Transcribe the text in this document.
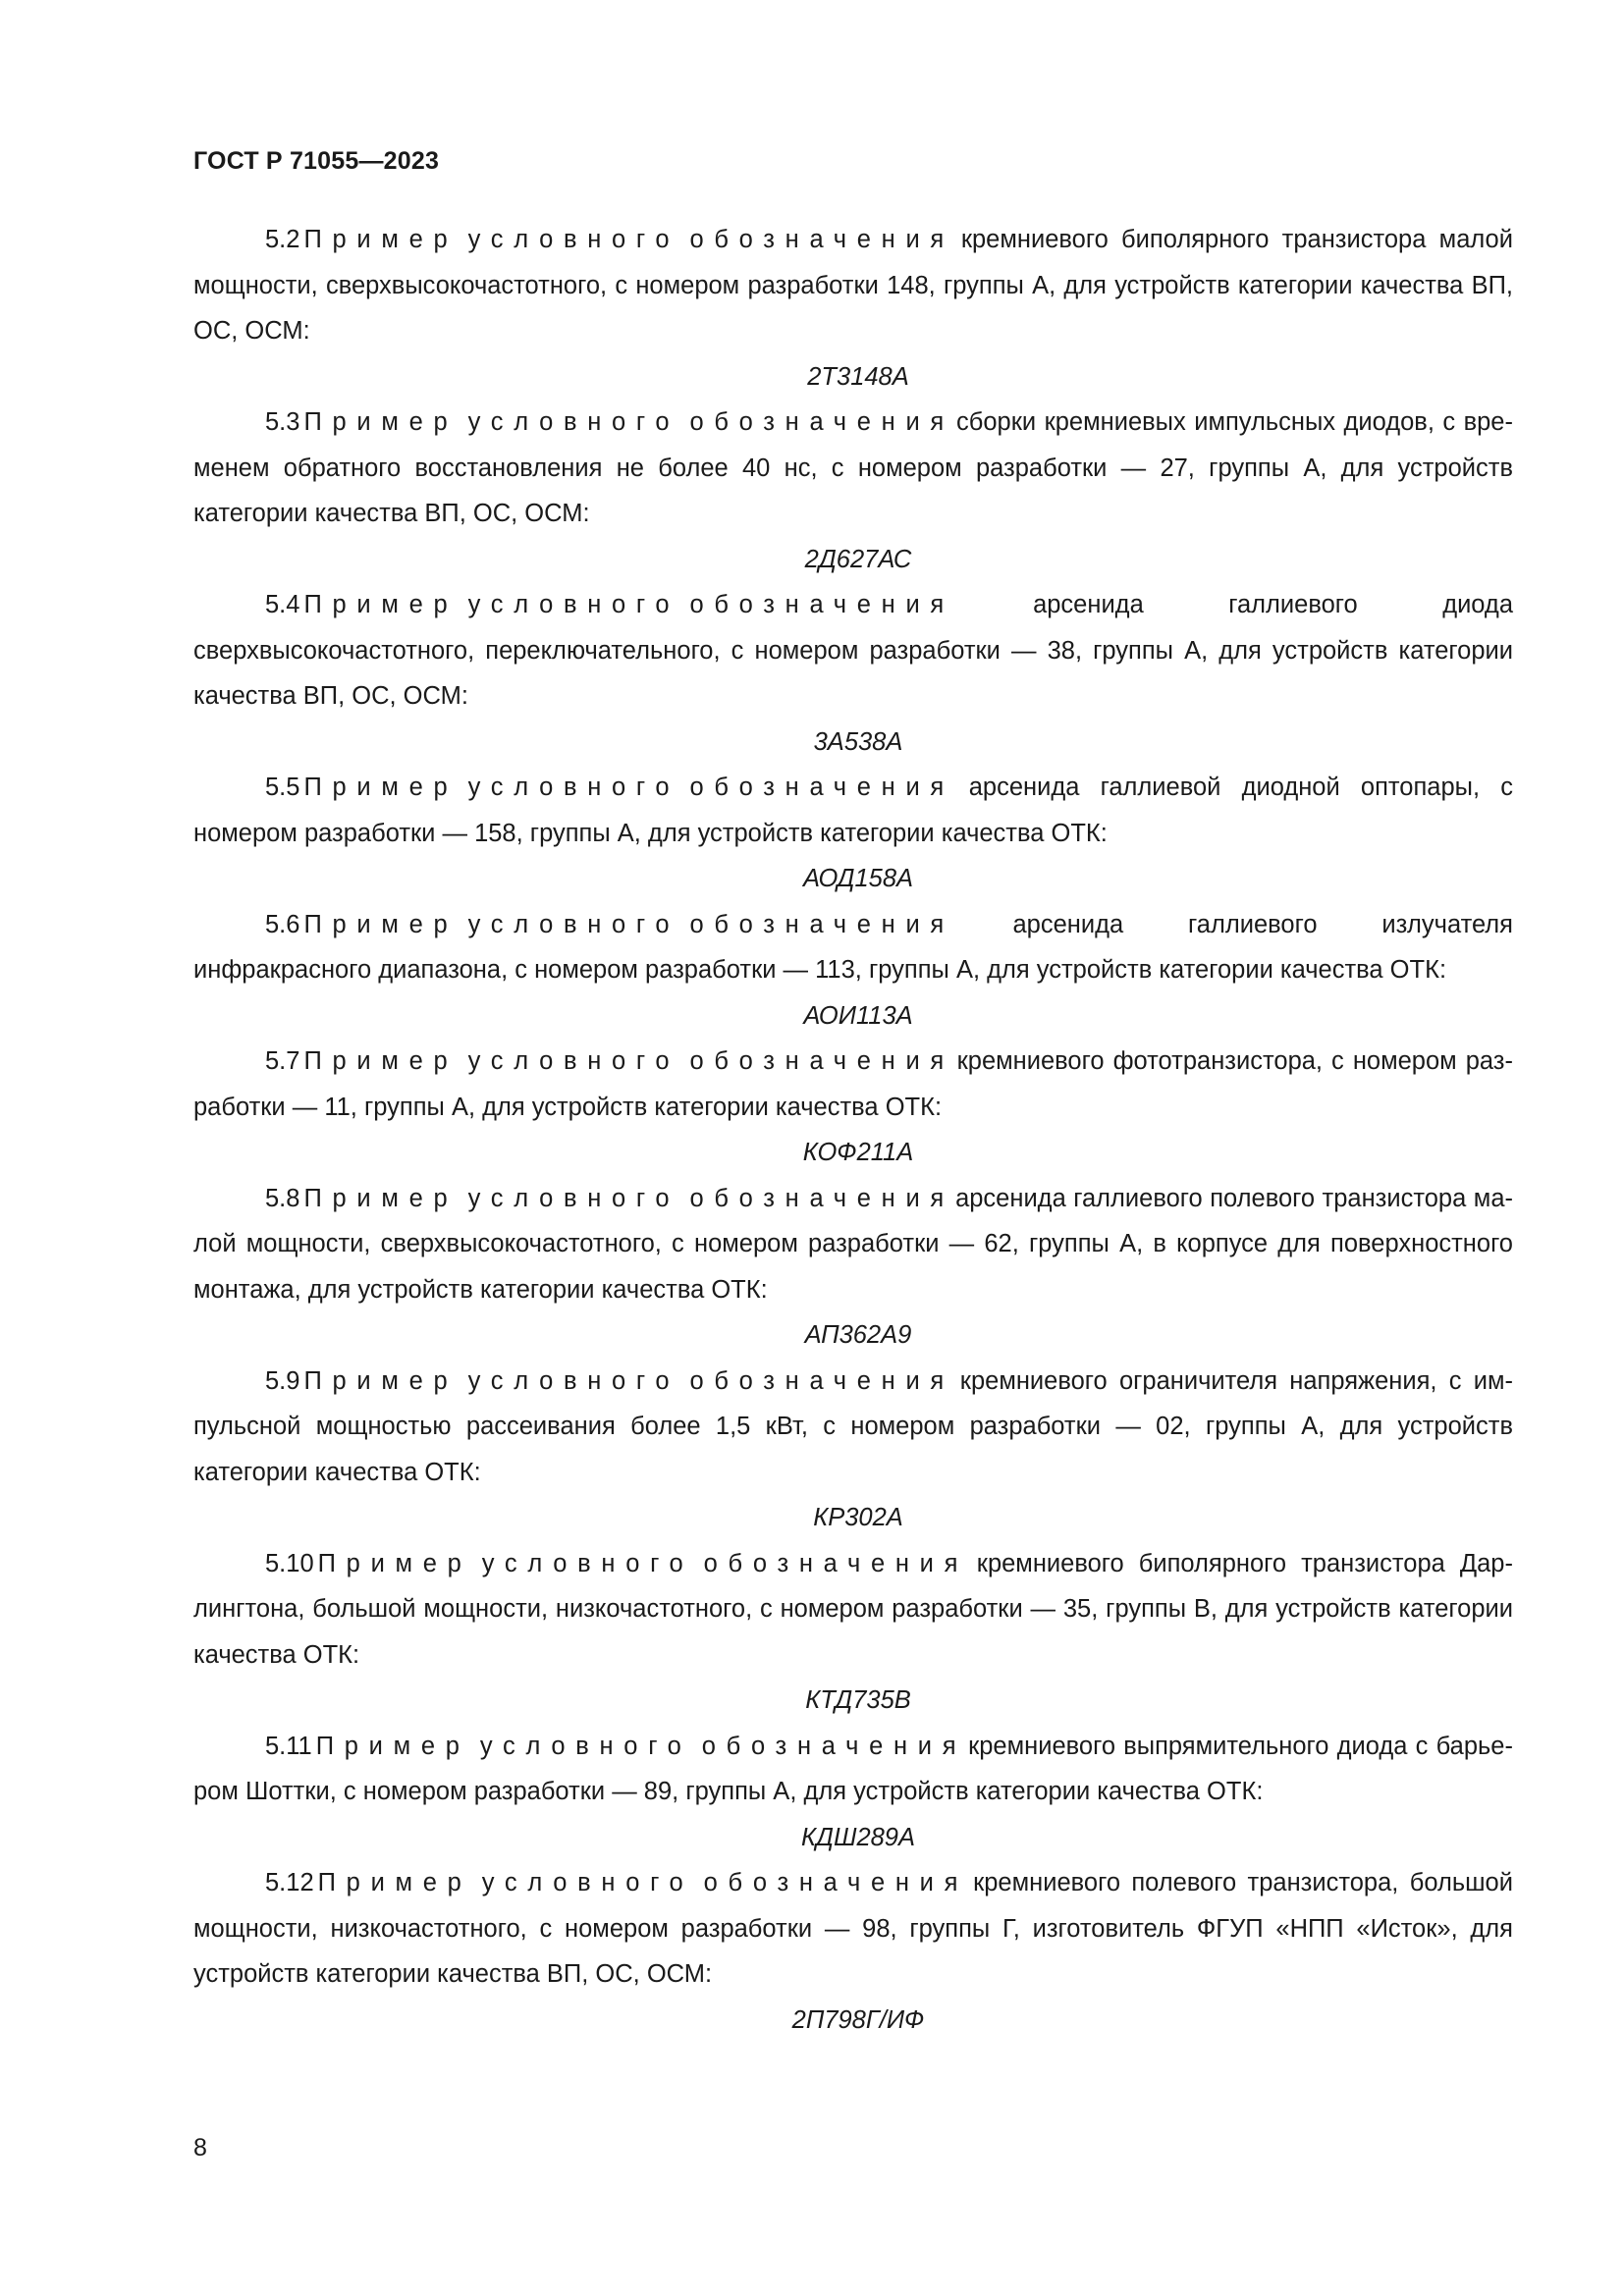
ГОСТ Р 71055—2023

5.2 Пример условного обозначения кремниевого биполярного транзистора малой мощности, сверхвысокочастотного, с номером разработки 148, группы А, для устройств категории качества ВП, ОС, ОСМ:

2Т3148А

5.3 Пример условного обозначения сборки кремниевых импульсных диодов, с временем обратного восстановления не более 40 нс, с номером разработки — 27, группы А, для устройств категории качества ВП, ОС, ОСМ:

2Д627АС

5.4 Пример условного обозначения	арсенида галлиевого диода сверхвысокочастотного, переключательного, с номером разработки — 38, группы А, для устройств категории качества ВП, ОС, ОСМ:

3А538А

5.5 Пример условного обозначения арсенида галлиевой диодной оптопары, с номером разработки — 158, группы А, для устройств категории качества ОТК:

АОД158А

5.6 Пример условного обозначения арсенида галлиевого излучателя инфракрасного диапазона, с номером разработки — 113, группы А, для устройств категории качества ОТК:

АОИ113А

5.7 Пример условного обозначения кремниевого фототранзистора, с номером разработки — 11, группы А, для устройств категории качества ОТК:

КОФ211А

5.8 Пример условного обозначения арсенида галлиевого полевого транзистора малой мощности, сверхвысокочастотного, с номером разработки — 62, группы А, в корпусе для поверхностного монтажа, для устройств категории качества ОТК:

АП362А9

5.9 Пример условного обозначения кремниевого ограничителя напряжения, с импульсной мощностью рассеивания более 1,5 кВт, с номером разработки — 02, группы А, для устройств категории качества ОТК:

КР302А

5.10 Пример условного обозначения кремниевого биполярного транзистора Дарлингтона, большой мощности, низкочастотного, с номером разработки — 35, группы В, для устройств категории качества ОТК:

КТД735В

5.11 Пример условного обозначения кремниевого выпрямительного диода с барьером Шоттки, с номером разработки — 89, группы А, для устройств категории качества ОТК:

КДШ289А

5.12 Пример условного обозначения кремниевого полевого транзистора, большой мощности, низкочастотного, с номером разработки — 98, группы Г, изготовитель ФГУП «НПП «Исток», для устройств категории качества ВП, ОС, ОСМ:

2П798Г/ИФ

8
